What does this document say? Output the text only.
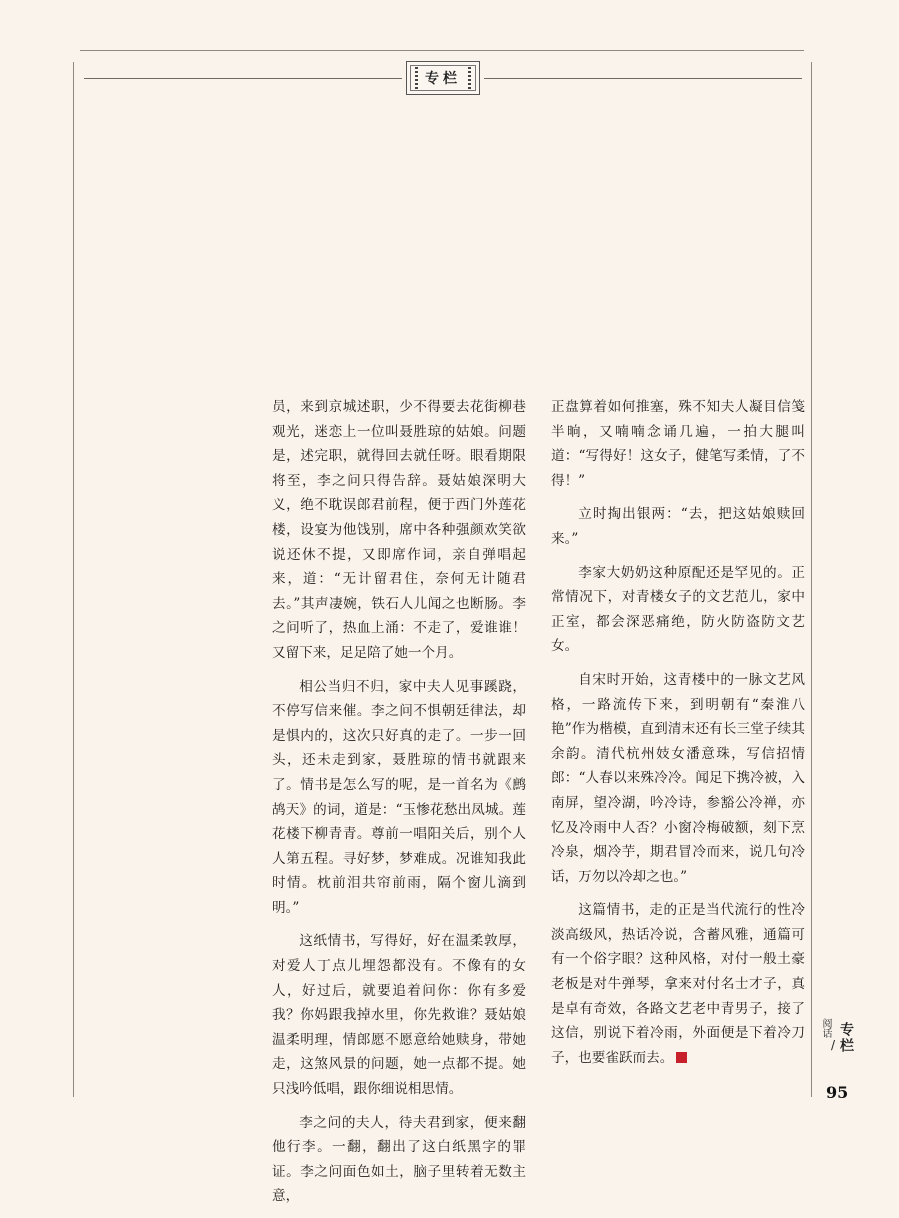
专栏

员，来到京城述职，少不得要去花街柳巷观光，迷恋上一位叫聂胜琼的姑娘。问题是，述完职，就得回去就任呀。眼看期限将至，李之问只得告辞。聂姑娘深明大义，绝不耽误郎君前程，便于西门外莲花楼，设宴为他饯别，席中各种强颜欢笑欲说还休不提，又即席作词，亲自弹唱起来，道：“无计留君住，奈何无计随君去。”其声凄婉，铁石人儿闻之也断肠。李之问听了，热血上涌：不走了，爱谁谁！又留下来，足足陪了她一个月。

相公当归不归，家中夫人见事蹊跷，不停写信来催。李之问不惧朝廷律法，却是惧内的，这次只好真的走了。一步一回头，还未走到家，聂胜琼的情书就跟来了。情书是怎么写的呢，是一首名为《鹧鸪天》的词，道是：“玉惨花愁出凤城。莲花楼下柳青青。尊前一唱阳关后，别个人人第五程。寻好梦，梦难成。况谁知我此时情。枕前泪共帘前雨，隔个窗儿滴到明。”

这纸情书，写得好，好在温柔敦厚，对爱人丁点儿埋怨都没有。不像有的女人，好过后，就要追着问你：你有多爱我？你妈跟我掉水里，你先救谁？聂姑娘温柔明理，情郎愿不愿意给她赎身，带她走，这煞风景的问题，她一点都不提。她只浅吟低唱，跟你细说相思情。

李之问的夫人，待夫君到家，便来翻他行李。一翻，翻出了这白纸黑字的罪证。李之问面色如土，脑子里转着无数主意，

正盘算着如何推塞，殊不知夫人凝目信笺半晌，又喃喃念诵几遍，一拍大腿叫道：“写得好！这女子，健笔写柔情，了不得！”

立时掏出银两：“去，把这姑娘赎回来。”

李家大奶奶这种原配还是罕见的。正常情况下，对青楼女子的文艺范儿，家中正室，都会深恶痛绝，防火防盗防文艺女。

自宋时开始，这青楼中的一脉文艺风格，一路流传下来，到明朝有“秦淮八艳”作为楷模，直到清末还有长三堂子续其余韵。清代杭州妓女潘意珠，写信招情郎：“人春以来殊冷冷。闻足下携冷被，入南屏，望冷湖，吟冷诗，参豁公冷禅，亦忆及冷雨中人否？小窗冷梅破额，刻下烹冷泉，烟冷芋，期君冒冷而来，说几句冷话，万勿以冷却之也。”

这篇情书，走的正是当代流行的性冷淡高级风，热话冷说，含蓄风雅，通篇可有一个俗字眼？这种风格，对付一般土豪老板是对牛弹琴，拿来对付名士才子，真是卓有奇效，各路文艺老中青男子，接了这信，别说下着冷雨，外面便是下着冷刀子，也要雀跃而去。

阅话
/ 专栏
95
